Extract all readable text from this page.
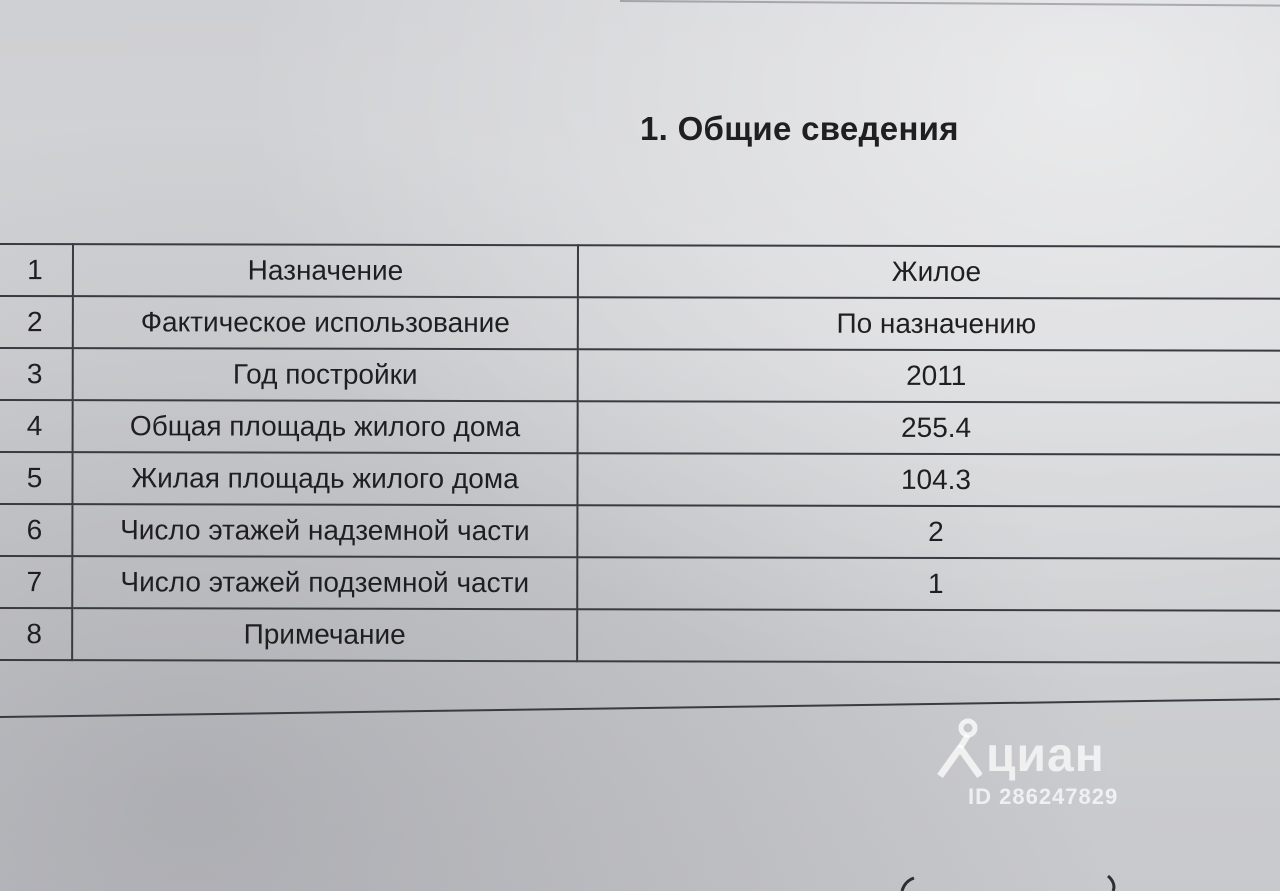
1. Общие сведения
1	Назначение	Жилое
2	Фактическое использование	По назначению
3	Год постройки	2011
4	Общая площадь жилого дома	255.4
5	Жилая площадь жилого дома	104.3
6	Число этажей надземной части	2
7	Число этажей подземной части	1
8	Примечание	
циан
ID 286247829
